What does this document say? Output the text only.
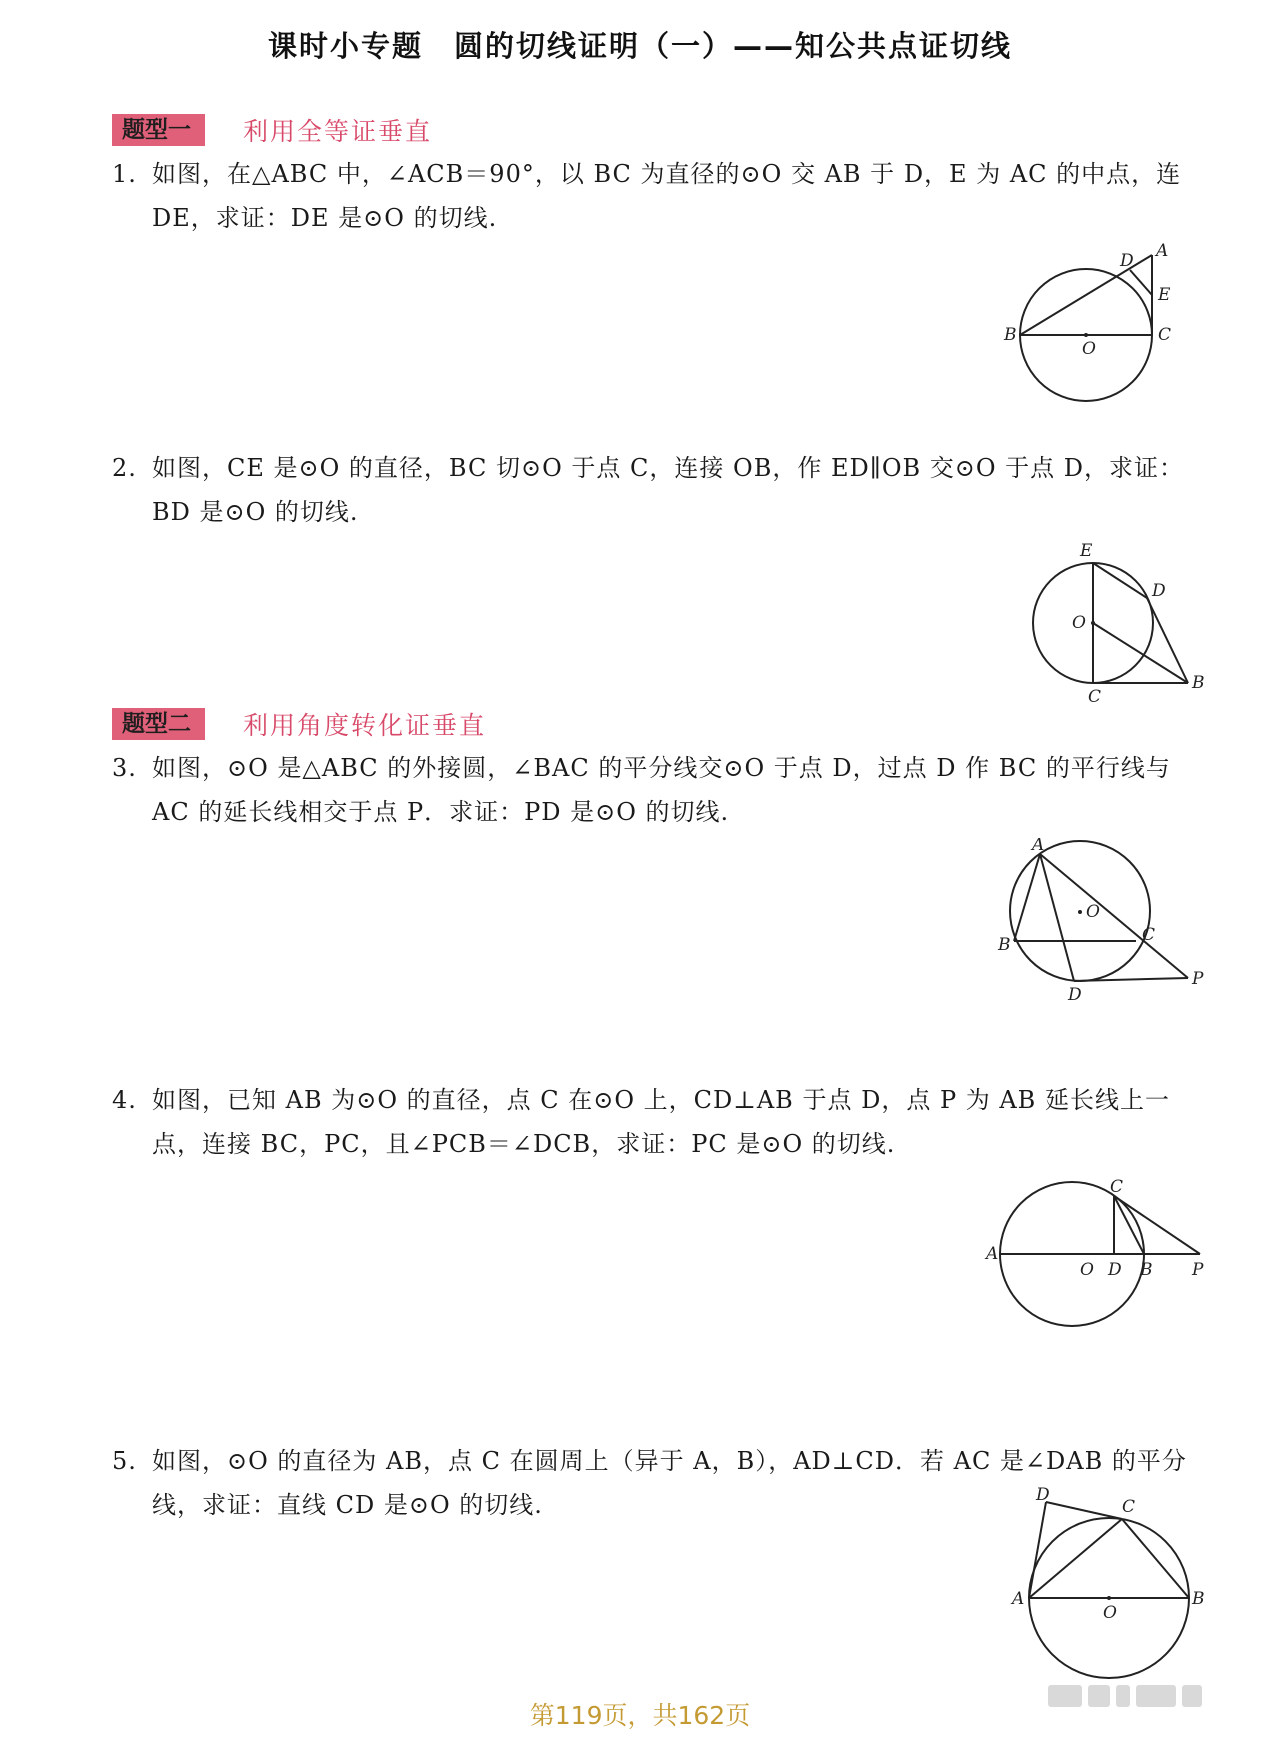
课时小专题　圆的切线证明（一）——知公共点证切线
题型一	利用全等证垂直
1. 如图，在△ABC 中，∠ACB＝90°，以 BC 为直径的⊙O 交 AB 于 D，E 为 AC 的中点，连 DE，求证：DE 是⊙O 的切线.
A
D
E
B	C
O
2. 如图，CE 是⊙O 的直径，BC 切⊙O 于点 C，连接 OB，作 ED∥OB 交⊙O 于点 D，求证：BD 是⊙O 的切线.
E
D
O
C
B
题型二	利用角度转化证垂直
3. 如图，⊙O 是△ABC 的外接圆，∠BAC 的平分线交⊙O 于点 D，过点 D 作 BC 的平行线与 AC 的延长线相交于点 P．求证：PD 是⊙O 的切线.
A
O
C
B
D
P
4. 如图，已知 AB 为⊙O 的直径，点 C 在⊙O 上，CD⊥AB 于点 D，点 P 为 AB 延长线上一点，连接 BC，PC，且∠PCB＝∠DCB，求证：PC 是⊙O 的切线.
A
O D B P
C
5. 如图，⊙O 的直径为 AB，点 C 在圆周上（异于 A，B），AD⊥CD．若 AC 是∠DAB 的平分线，求证：直线 CD 是⊙O 的切线.	D
C
A
O
B
第119页，共162页
